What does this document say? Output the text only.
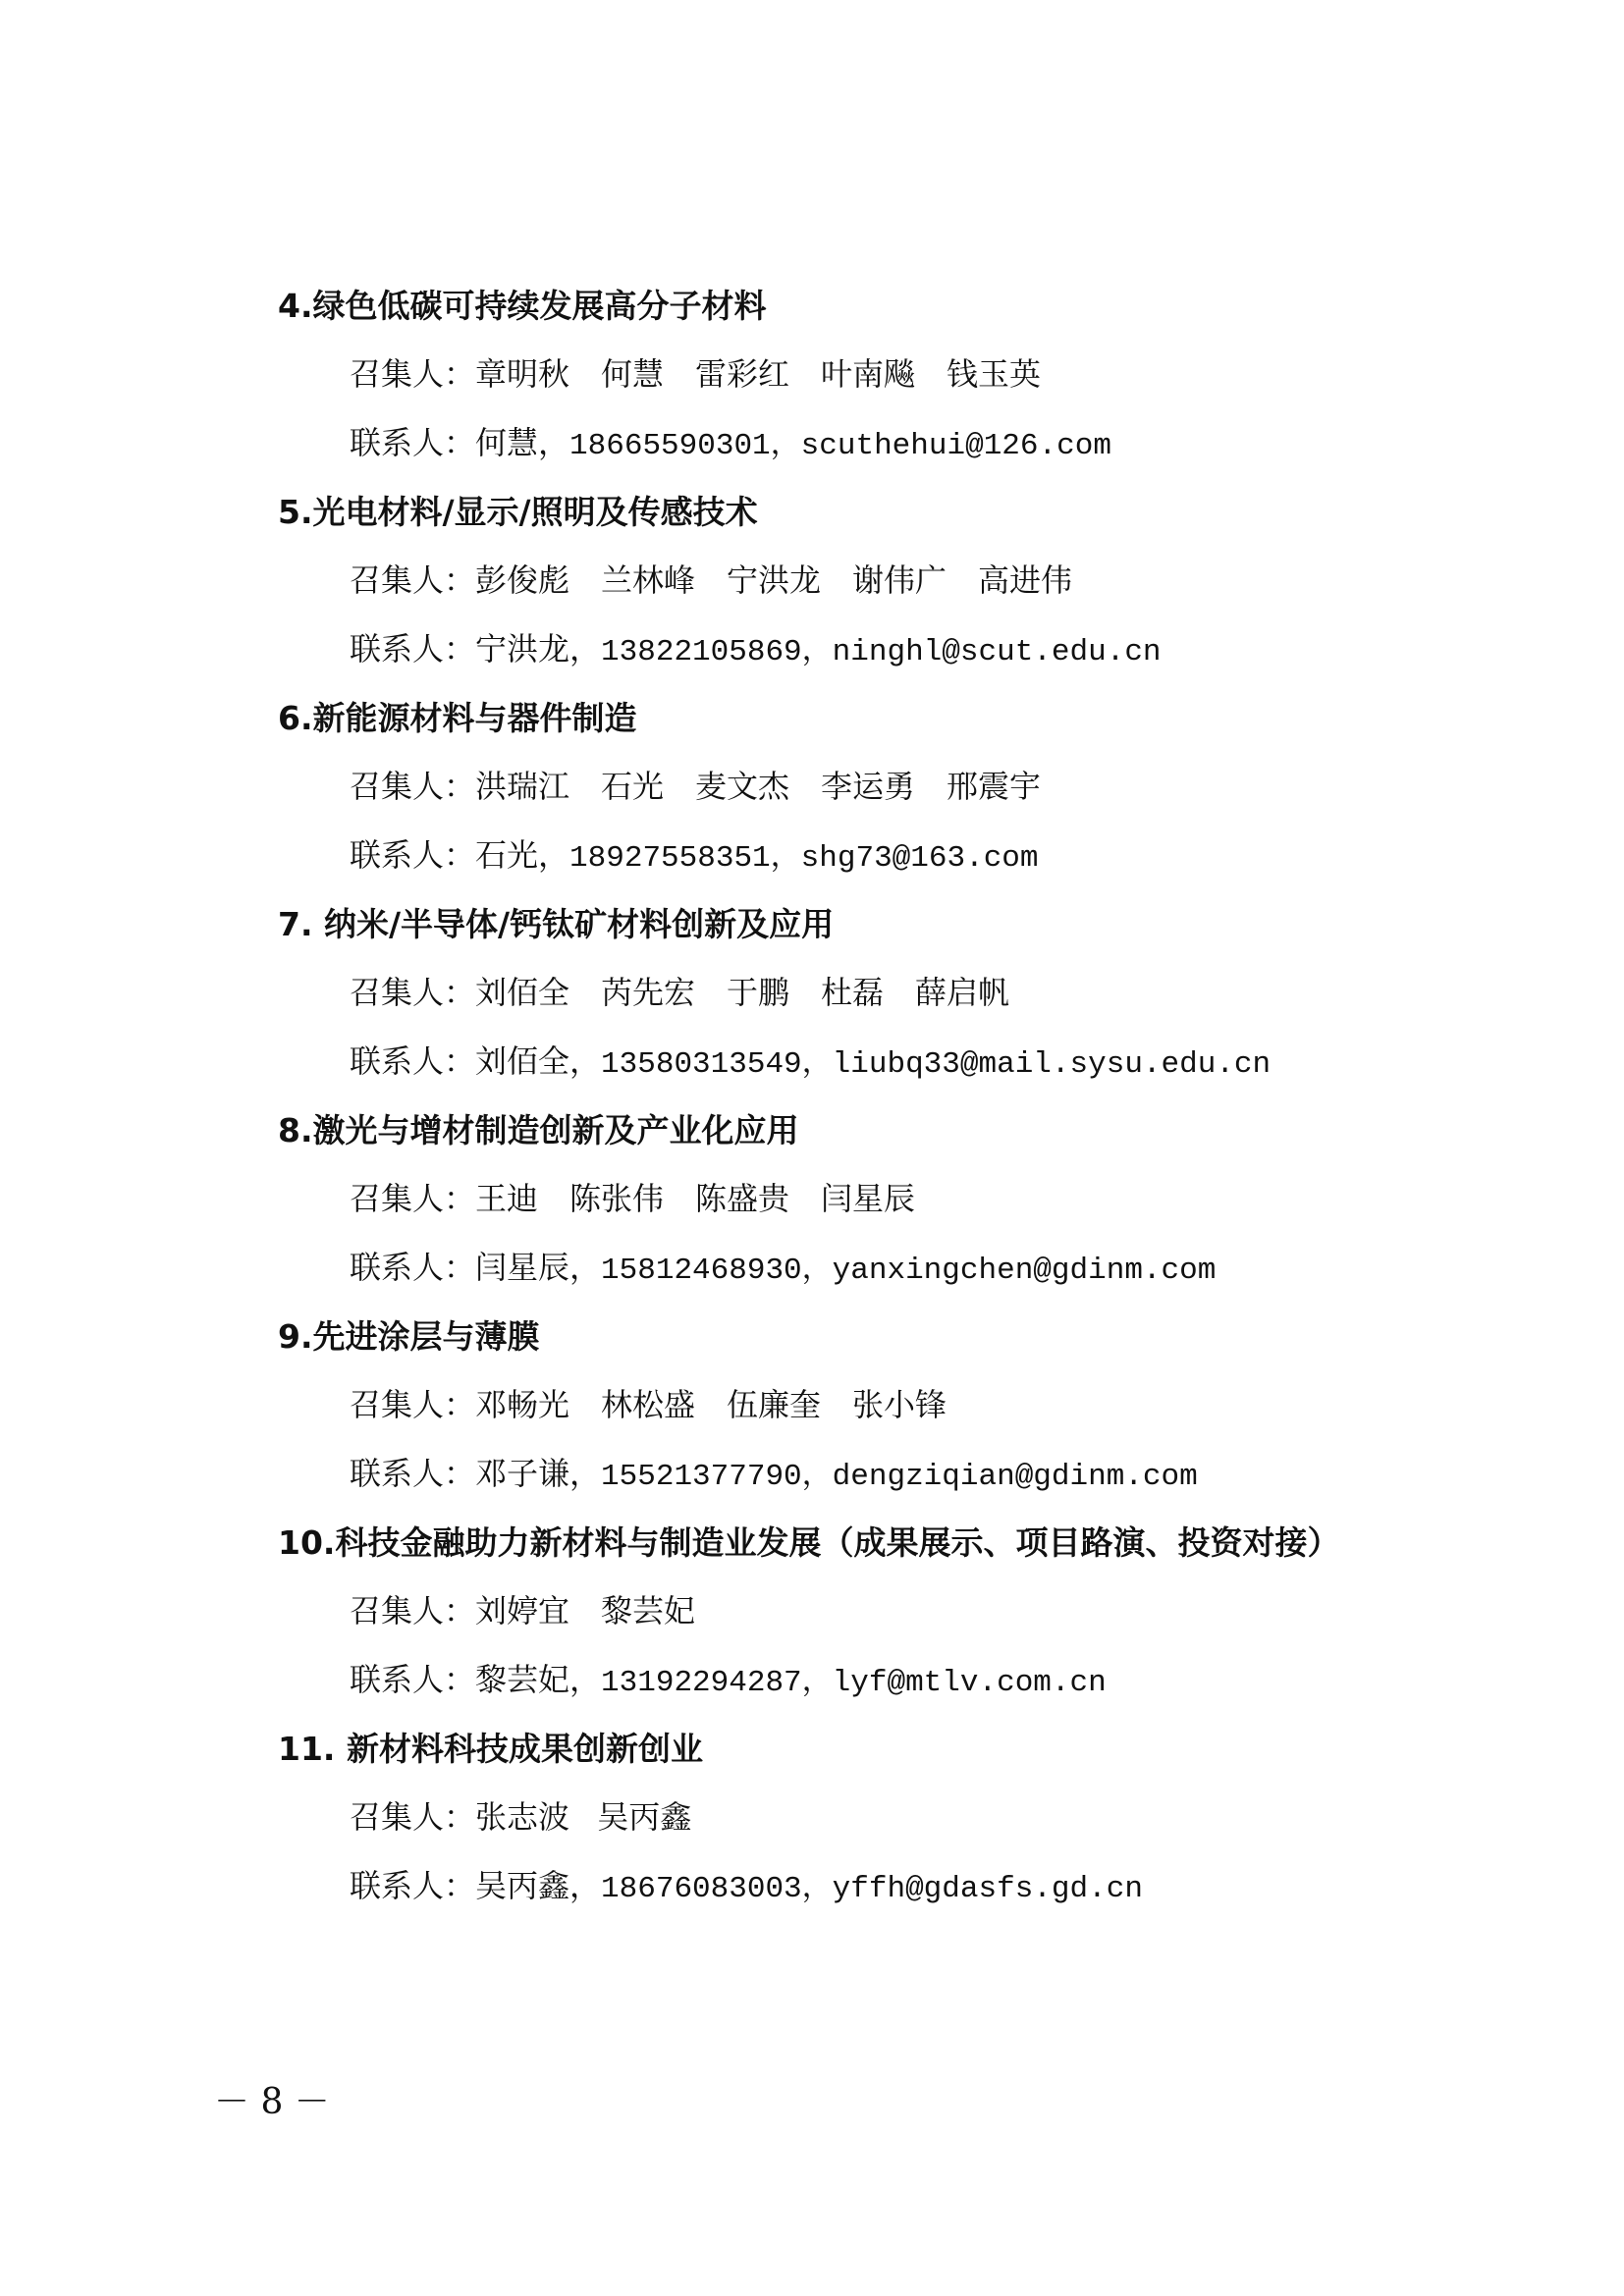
4.绿色低碳可持续发展高分子材料
召集人：章明秋　何慧　雷彩红　叶南飚　钱玉英
联系人：何慧，18665590301，scuthehui@126.com
5.光电材料/显示/照明及传感技术
召集人：彭俊彪　兰林峰　宁洪龙　谢伟广　高进伟
联系人：宁洪龙，13822105869，ninghl@scut.edu.cn
6.新能源材料与器件制造
召集人：洪瑞江　石光　麦文杰　李运勇　邢震宇
联系人：石光，18927558351，shg73@163.com
7. 纳米/半导体/钙钛矿材料创新及应用
召集人：刘佰全　芮先宏　于鹏　杜磊　薛启帆
联系人：刘佰全，13580313549，liubq33@mail.sysu.edu.cn
8.激光与增材制造创新及产业化应用
召集人：王迪　陈张伟　陈盛贵　闫星辰
联系人：闫星辰，15812468930，yanxingchen@gdinm.com
9.先进涂层与薄膜
召集人：邓畅光　林松盛　伍廉奎　张小锋
联系人：邓子谦，15521377790，dengziqian@gdinm.com
10.科技金融助力新材料与制造业发展（成果展示、项目路演、投资对接）
召集人：刘婷宜　黎芸妃
联系人：黎芸妃，13192294287，lyf@mtlv.com.cn
11. 新材料科技成果创新创业
召集人：张志波 吴丙鑫
联系人：吴丙鑫，18676083003，yffh@gdasfs.gd.cn
－ 8 －
